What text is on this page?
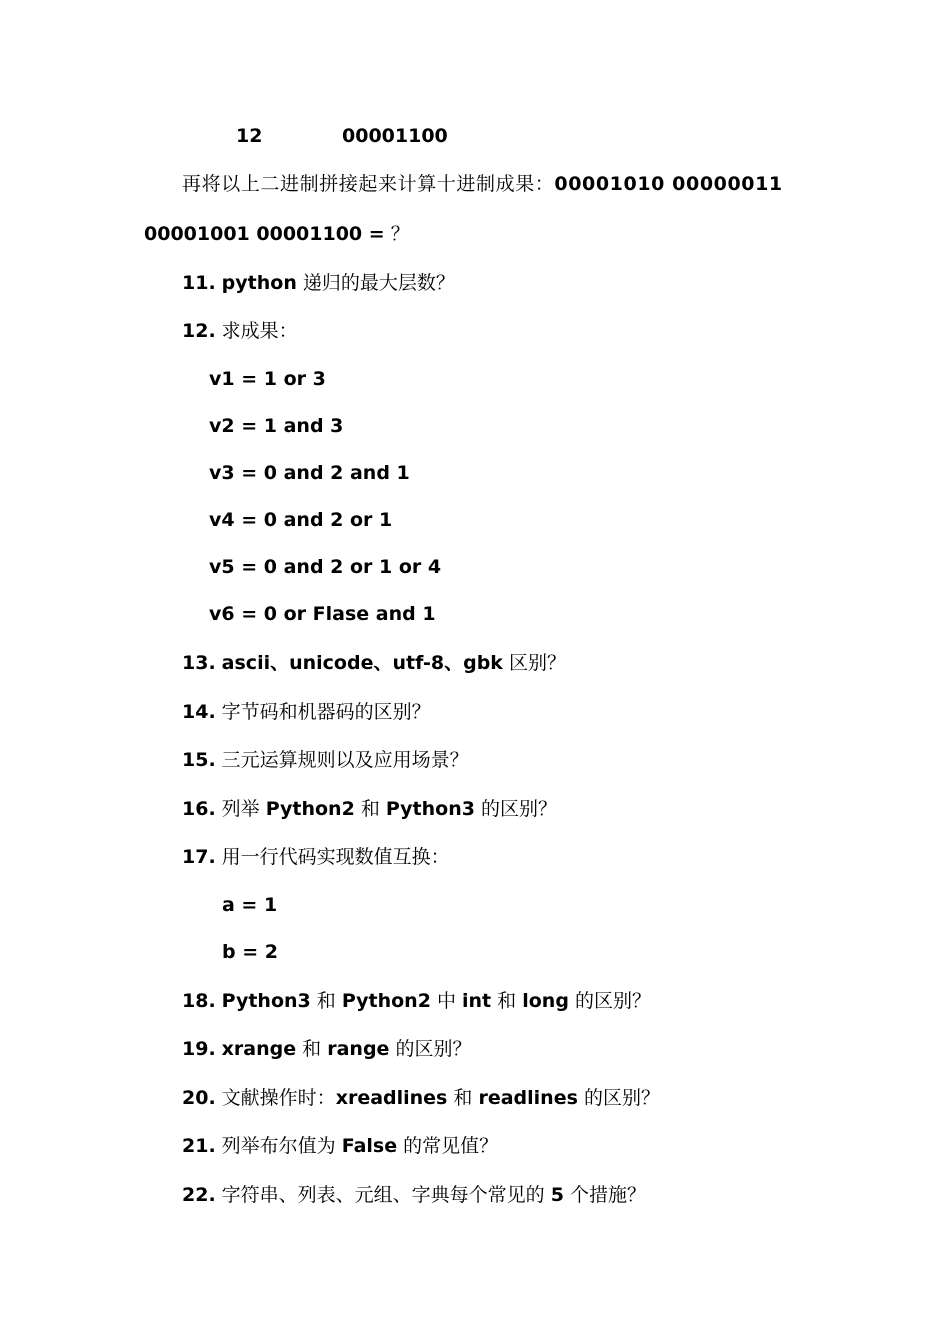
12	00001100
再将以上二进制拼接起来计算十进制成果：00001010 00000011
00001001 00001100 = ？
11. python 递归的最大层数？
12. 求成果：
v1 = 1 or 3
v2 = 1 and 3
v3 = 0 and 2 and 1
v4 = 0 and 2 or 1
v5 = 0 and 2 or 1 or 4
v6 = 0 or Flase and 1
13. ascii、unicode、utf-8、gbk 区别？
14. 字节码和机器码的区别？
15. 三元运算规则以及应用场景？
16. 列举 Python2 和 Python3 的区别？
17. 用一行代码实现数值互换：
a = 1
b = 2
18. Python3 和 Python2 中 int 和 long 的区别？
19. xrange 和 range 的区别？
20. 文献操作时：xreadlines 和 readlines 的区别？
21. 列举布尔值为 False 的常见值？
22. 字符串、列表、元组、字典每个常见的 5 个措施？
